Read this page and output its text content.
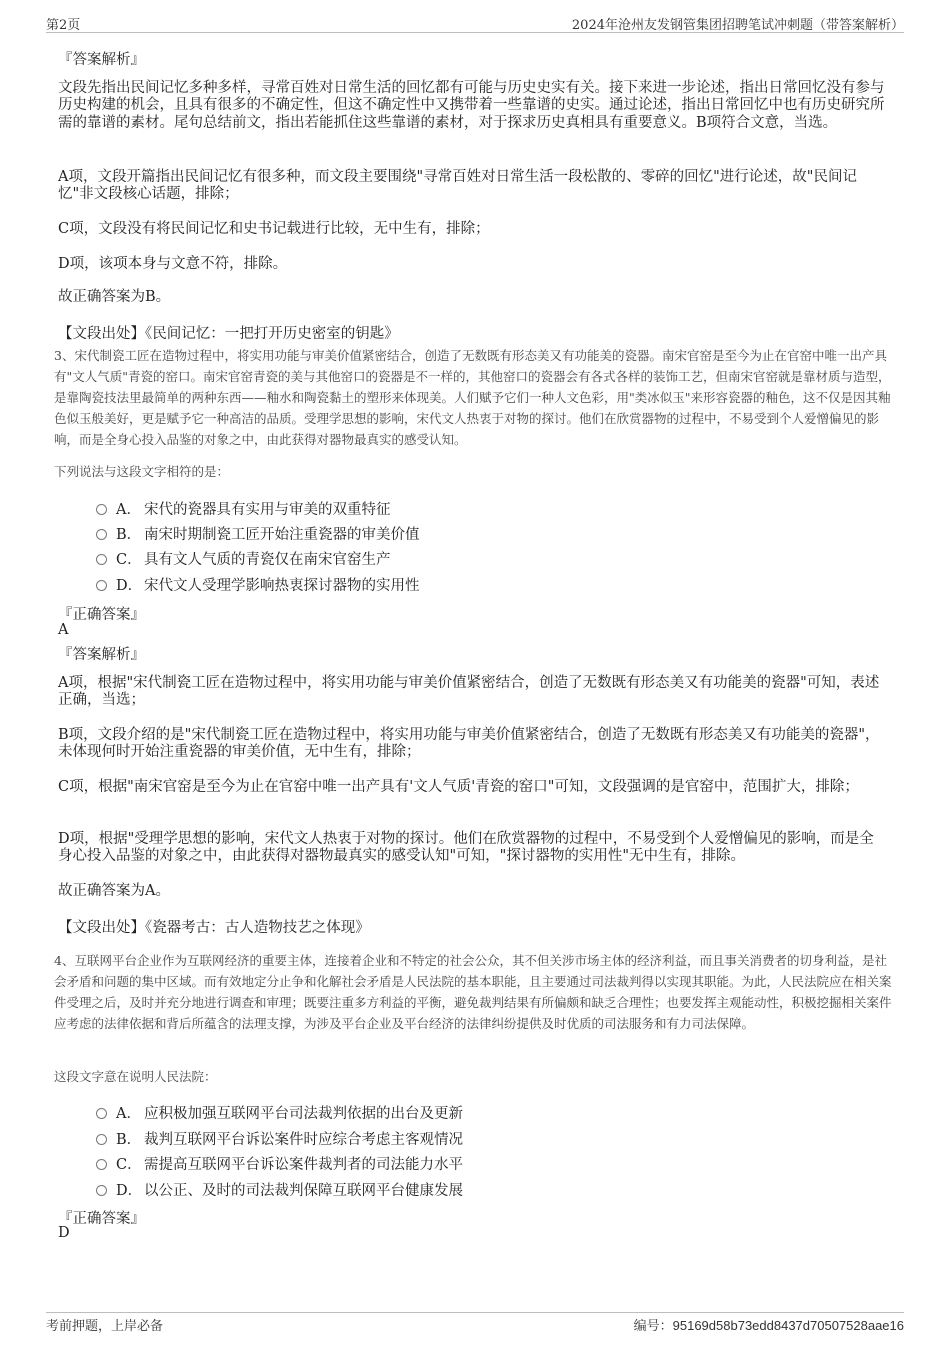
第2页	2024年沧州友发钢管集团招聘笔试冲刺题（带答案解析）
『答案解析』
文段先指出民间记忆多种多样，寻常百姓对日常生活的回忆都有可能与历史史实有关。接下来进一步论述，指出日常回忆没有参与历史构建的机会，且具有很多的不确定性，但这不确定性中又携带着一些靠谱的史实。通过论述，指出日常回忆中也有历史研究所需的靠谱的素材。尾句总结前文，指出若能抓住这些靠谱的素材，对于探求历史真相具有重要意义。B项符合文意，当选。
A项，文段开篇指出民间记忆有很多种，而文段主要围绕"寻常百姓对日常生活一段松散的、零碎的回忆"进行论述，故"民间记忆"非文段核心话题，排除；
C项，文段没有将民间记忆和史书记载进行比较，无中生有，排除；
D项，该项本身与文意不符，排除。
故正确答案为B。
【文段出处】《民间记忆：一把打开历史密室的钥匙》
3、宋代制瓷工匠在造物过程中，将实用功能与审美价值紧密结合，创造了无数既有形态美又有功能美的瓷器。南宋官窑是至今为止在官窑中唯一出产具有"文人气质"青瓷的窑口。南宋官窑青瓷的美与其他窑口的瓷器是不一样的，其他窑口的瓷器会有各式各样的装饰工艺，但南宋官窑就是靠材质与造型，是靠陶瓷技法里最简单的两种东西——釉水和陶瓷黏土的塑形来体现美。人们赋予它们一种人文色彩，用"类冰似玉"来形容瓷器的釉色，这不仅是因其釉色似玉般美好，更是赋予它一种高洁的品质。受理学思想的影响，宋代文人热衷于对物的探讨。他们在欣赏器物的过程中，不易受到个人爱憎偏见的影响，而是全身心投入品鉴的对象之中，由此获得对器物最真实的感受认知。
下列说法与这段文字相符的是：
A． 宋代的瓷器具有实用与审美的双重特征
B． 南宋时期制瓷工匠开始注重瓷器的审美价值
C． 具有文人气质的青瓷仅在南宋官窑生产
D． 宋代文人受理学影响热衷探讨器物的实用性
『正确答案』
A
『答案解析』
A项，根据"宋代制瓷工匠在造物过程中，将实用功能与审美价值紧密结合，创造了无数既有形态美又有功能美的瓷器"可知，表述正确，当选；
B项，文段介绍的是"宋代制瓷工匠在造物过程中，将实用功能与审美价值紧密结合，创造了无数既有形态美又有功能美的瓷器"，未体现何时开始注重瓷器的审美价值，无中生有，排除；
C项，根据"南宋官窑是至今为止在官窑中唯一出产具有'文人气质'青瓷的窑口"可知，文段强调的是官窑中，范围扩大，排除；
D项，根据"受理学思想的影响，宋代文人热衷于对物的探讨。他们在欣赏器物的过程中，不易受到个人爱憎偏见的影响，而是全身心投入品鉴的对象之中，由此获得对器物最真实的感受认知"可知，"探讨器物的实用性"无中生有，排除。
故正确答案为A。
【文段出处】《瓷器考古：古人造物技艺之体现》
4、互联网平台企业作为互联网经济的重要主体，连接着企业和不特定的社会公众，其不但关涉市场主体的经济利益，而且事关消费者的切身利益，是社会矛盾和问题的集中区域。而有效地定分止争和化解社会矛盾是人民法院的基本职能，且主要通过司法裁判得以实现其职能。为此，人民法院应在相关案件受理之后，及时并充分地进行调查和审理；既要注重多方利益的平衡，避免裁判结果有所偏颇和缺乏合理性；也要发挥主观能动性，积极挖掘相关案件应考虑的法律依据和背后所蕴含的法理支撑，为涉及平台企业及平台经济的法律纠纷提供及时优质的司法服务和有力司法保障。
这段文字意在说明人民法院：
A． 应积极加强互联网平台司法裁判依据的出台及更新
B． 裁判互联网平台诉讼案件时应综合考虑主客观情况
C． 需提高互联网平台诉讼案件裁判者的司法能力水平
D． 以公正、及时的司法裁判保障互联网平台健康发展
『正确答案』
D
考前押题，上岸必备	编号：95169d58b73edd8437d70507528aae16
